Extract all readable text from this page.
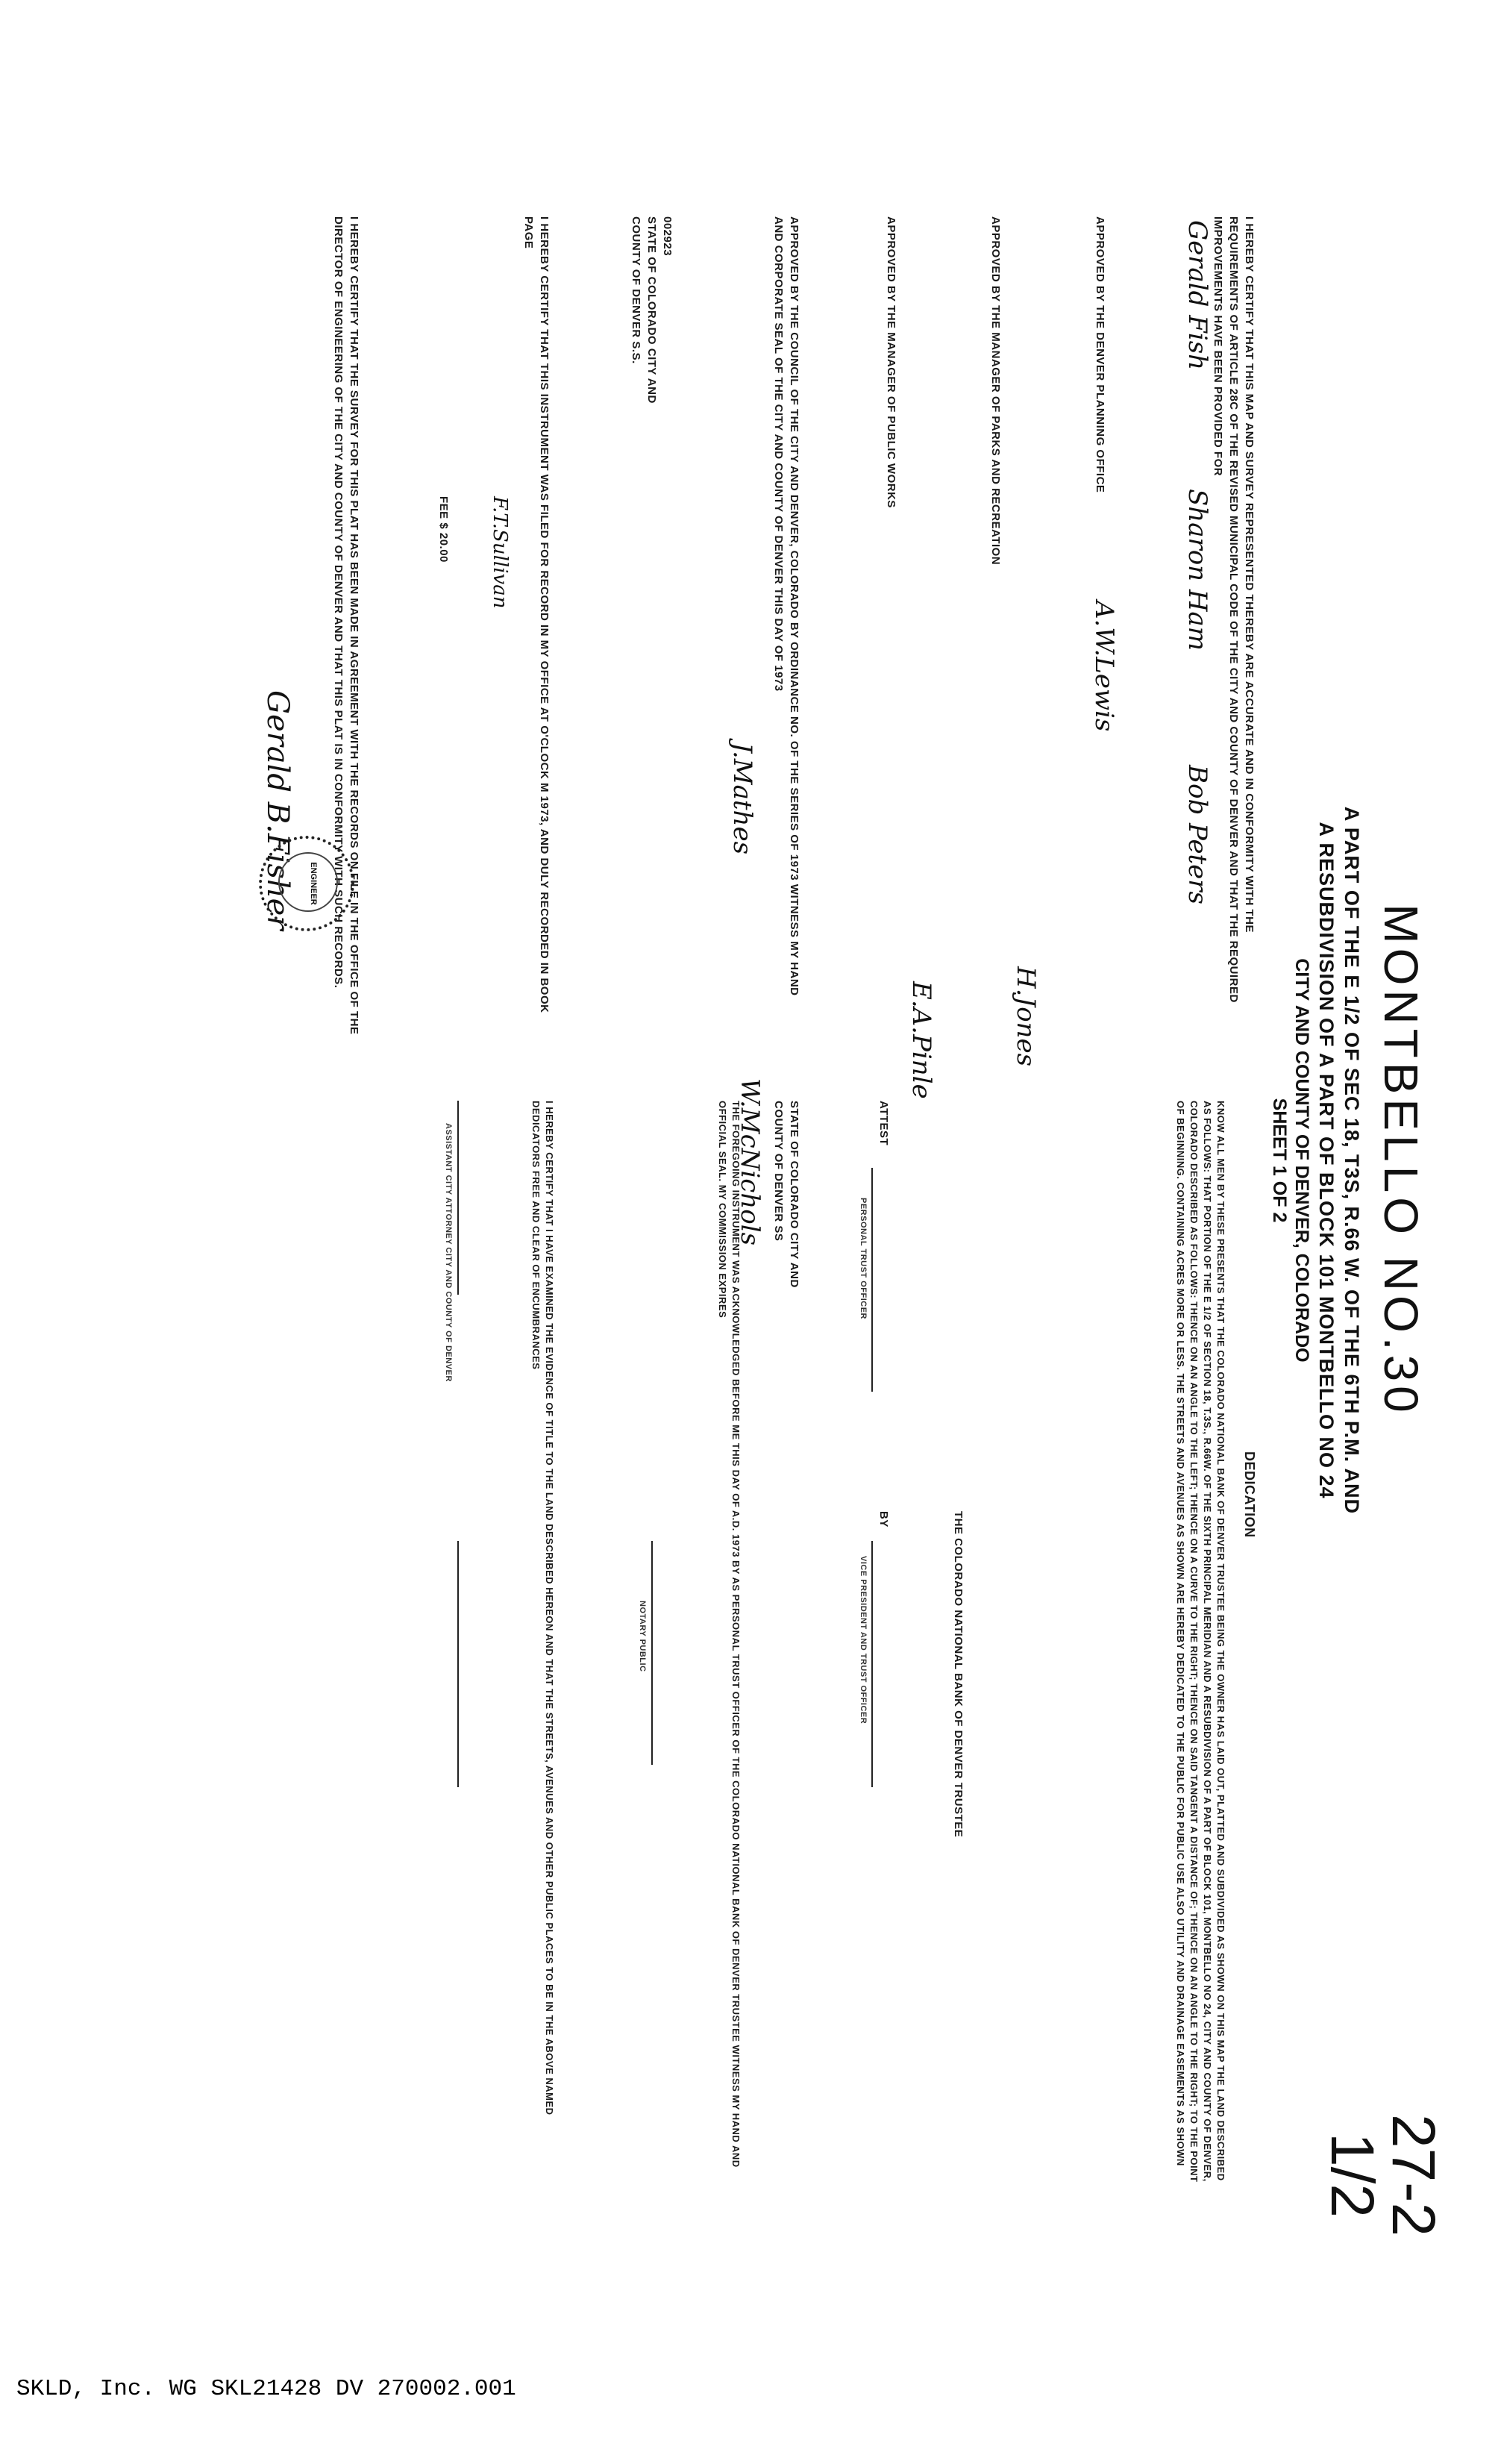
MONTBELLO NO.30
A PART OF THE E 1/2 OF SEC 18, T3S, R.66 W. OF THE 6TH P.M. AND
A RESUBDIVISION OF A PART OF BLOCK 101 MONTBELLO NO 24
CITY AND COUNTY OF DENVER, COLORADO
SHEET 1 OF 2
27-2
1/2
I HEREBY CERTIFY THAT THIS MAP AND SURVEY REPRESENTED THEREBY ARE ACCURATE AND IN CONFORMITY WITH THE REQUIREMENTS OF ARTICLE 28C OF THE REVISED MUNICIPAL CODE OF THE CITY AND COUNTY OF DENVER AND THAT THE REQUIRED IMPROVEMENTS HAVE BEEN PROVIDED FOR
Gerald Fish
Sharon Ham
Bob Peters
APPROVED BY THE DENVER PLANNING OFFICE
A.W.Lewis
APPROVED BY THE MANAGER OF PARKS AND RECREATION
H.Jones
APPROVED BY THE MANAGER OF PUBLIC WORKS
E.A.Pinle
APPROVED BY THE COUNCIL OF THE CITY AND DENVER, COLORADO BY ORDINANCE NO. OF THE SERIES OF 1973 WITNESS MY HAND AND CORPORATE SEAL OF THE CITY AND COUNTY OF DENVER THIS DAY OF 1973
J.Mathes
W.McNichols
002923
STATE OF COLORADO CITY AND COUNTY OF DENVER S.S.
I HEREBY CERTIFY THAT THIS INSTRUMENT WAS FILED FOR RECORD IN MY OFFICE AT O'CLOCK M 1973, AND DULY RECORDED IN BOOK PAGE
F.T.Sullivan
FEE $ 20.00
I HEREBY CERTIFY THAT THE SURVEY FOR THIS PLAT HAS BEEN MADE IN AGREEMENT WITH THE RECORDS ON FILE IN THE OFFICE OF THE DIRECTOR OF ENGINEERING OF THE CITY AND COUNTY OF DENVER AND THAT THIS PLAT IS IN CONFORMITY WITH SUCH RECORDS.
Gerald B.Fisher ENGINEER
DEDICATION
KNOW ALL MEN BY THESE PRESENTS THAT THE COLORADO NATIONAL BANK OF DENVER TRUSTEE BEING THE OWNER HAS LAID OUT, PLATTED AND SUBDIVIDED AS SHOWN ON THIS MAP THE LAND DESCRIBED AS FOLLOWS: THAT PORTION OF THE E 1/2 OF SECTION 18, T.3S., R.66W. OF THE SIXTH PRINCIPAL MERIDIAN AND A RESUBDIVISION OF A PART OF BLOCK 101, MONTBELLO NO 24, CITY AND COUNTY OF DENVER, COLORADO DESCRIBED AS FOLLOWS: THENCE ON AN ANGLE TO THE LEFT; THENCE ON A CURVE TO THE RIGHT; THENCE ON SAID TANGENT A DISTANCE OF; THENCE ON AN ANGLE TO THE RIGHT; TO THE POINT OF BEGINNING. CONTAINING ACRES MORE OR LESS. THE STREETS AND AVENUES AS SHOWN ARE HEREBY DEDICATED TO THE PUBLIC FOR PUBLIC USE ALSO UTILITY AND DRAINAGE EASEMENTS AS SHOWN
THE COLORADO NATIONAL BANK OF DENVER TRUSTEE
ATTEST
PERSONAL TRUST OFFICER
BY
VICE PRESIDENT AND TRUST OFFICER
STATE OF COLORADO CITY AND COUNTY OF DENVER SS
THE FOREGOING INSTRUMENT WAS ACKNOWLEDGED BEFORE ME THIS DAY OF A.D. 1973 BY AS PERSONAL TRUST OFFICER OF THE COLORADO NATIONAL BANK OF DENVER TRUSTEE WITNESS MY HAND AND OFFICIAL SEAL. MY COMMISSION EXPIRES
NOTARY PUBLIC
I HEREBY CERTIFY THAT I HAVE EXAMINED THE EVIDENCE OF TITLE TO THE LAND DESCRIBED HEREON AND THAT THE STREETS, AVENUES AND OTHER PUBLIC PLACES TO BE IN THE ABOVE NAMED DEDICATORS FREE AND CLEAR OF ENCUMBRANCES
ASSISTANT CITY ATTORNEY CITY AND COUNTY OF DENVER
SKLD, Inc. WG SKL21428 DV 270002.001
